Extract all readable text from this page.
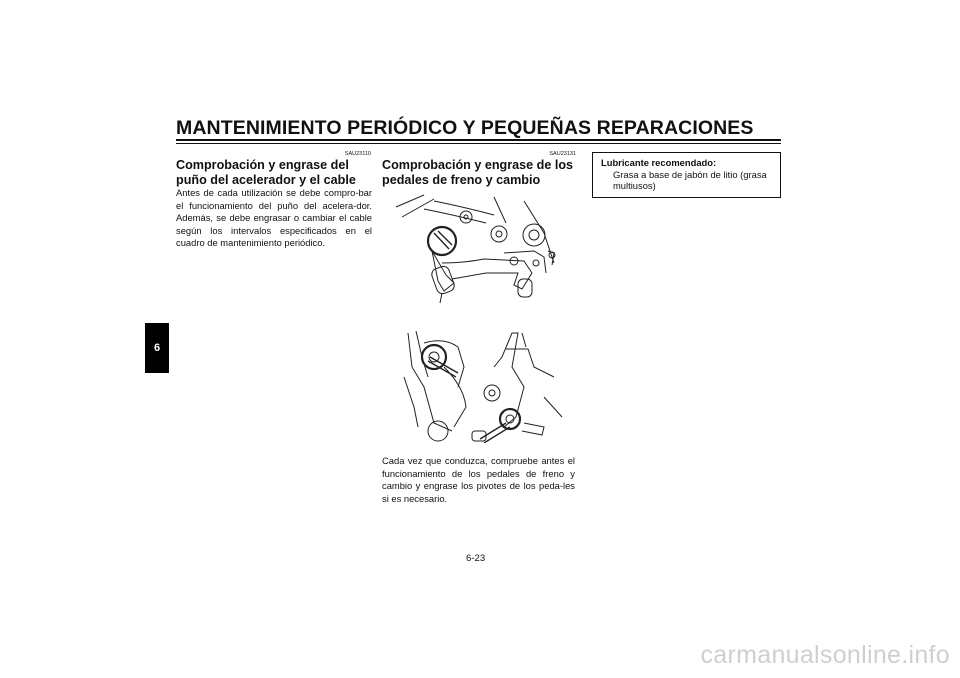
MANTENIMIENTO PERIÓDICO Y PEQUEÑAS REPARACIONES
6
SAU23110
Comprobación y engrase del
puño del acelerador y el cable
Antes de cada utilización se debe compro-bar el funcionamiento del puño del acelera-dor. Además, se debe engrasar o cambiar el cable según los intervalos especificados en el cuadro de mantenimiento periódico.
SAU23131
Comprobación y engrase de los
pedales de freno y cambio
Cada vez que conduzca, compruebe antes el funcionamiento de los pedales de freno y cambio y engrase los pivotes de los peda-les si es necesario.
Lubricante recomendado:
Grasa a base de jabón de litio (grasa multiusos)
6-23
carmanualsonline.info
